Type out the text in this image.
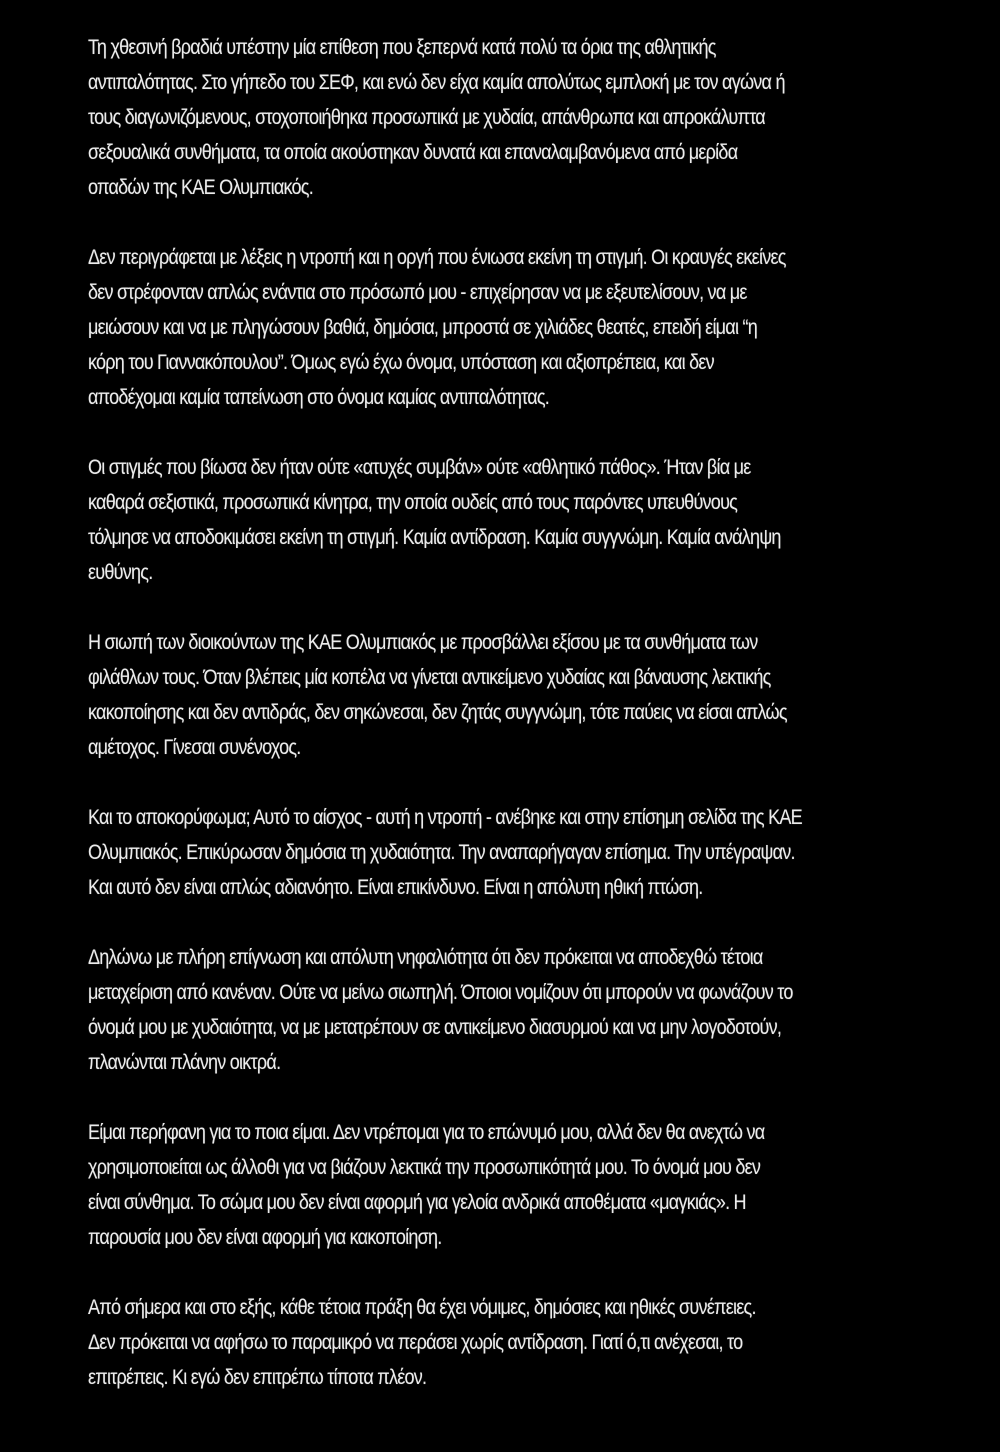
Τη χθεσινή βραδιά υπέστην μία επίθεση που ξεπερνά κατά πολύ τα όρια της αθλητικής
αντιπαλότητας. Στο γήπεδο του ΣΕΦ, και ενώ δεν είχα καμία απολύτως εμπλοκή με τον αγώνα ή
τους διαγωνιζόμενους, στοχοποιήθηκα προσωπικά με χυδαία, απάνθρωπα και απροκάλυπτα
σεξουαλικά συνθήματα, τα οποία ακούστηκαν δυνατά και επαναλαμβανόμενα από μερίδα
οπαδών της ΚΑΕ Ολυμπιακός.

Δεν περιγράφεται με λέξεις η ντροπή και η οργή που ένιωσα εκείνη τη στιγμή. Οι κραυγές εκείνες
δεν στρέφονταν απλώς ενάντια στο πρόσωπό μου - επιχείρησαν να με εξευτελίσουν, να με
μειώσουν και να με πληγώσουν βαθιά, δημόσια, μπροστά σε χιλιάδες θεατές, επειδή είμαι “η
κόρη του Γιαννακόπουλου”. Όμως εγώ έχω όνομα, υπόσταση και αξιοπρέπεια, και δεν
αποδέχομαι καμία ταπείνωση στο όνομα καμίας αντιπαλότητας.

Οι στιγμές που βίωσα δεν ήταν ούτε «ατυχές συμβάν» ούτε «αθλητικό πάθος». Ήταν βία με
καθαρά σεξιστικά, προσωπικά κίνητρα, την οποία ουδείς από τους παρόντες υπευθύνους
τόλμησε να αποδοκιμάσει εκείνη τη στιγμή. Καμία αντίδραση. Καμία συγγνώμη. Καμία ανάληψη
ευθύνης.

Η σιωπή των διοικούντων της ΚΑΕ Ολυμπιακός με προσβάλλει εξίσου με τα συνθήματα των
φιλάθλων τους. Όταν βλέπεις μία κοπέλα να γίνεται αντικείμενο χυδαίας και βάναυσης λεκτικής
κακοποίησης και δεν αντιδράς, δεν σηκώνεσαι, δεν ζητάς συγγνώμη, τότε παύεις να είσαι απλώς
αμέτοχος. Γίνεσαι συνένοχος.

Και το αποκορύφωμα; Αυτό το αίσχος - αυτή η ντροπή - ανέβηκε και στην επίσημη σελίδα της ΚΑΕ
Ολυμπιακός. Επικύρωσαν δημόσια τη χυδαιότητα. Την αναπαρήγαγαν επίσημα. Την υπέγραψαν.
Και αυτό δεν είναι απλώς αδιανόητο. Είναι επικίνδυνο. Είναι η απόλυτη ηθική πτώση.

Δηλώνω με πλήρη επίγνωση και απόλυτη νηφαλιότητα ότι δεν πρόκειται να αποδεχθώ τέτοια
μεταχείριση από κανέναν. Ούτε να μείνω σιωπηλή. Όποιοι νομίζουν ότι μπορούν να φωνάζουν το
όνομά μου με χυδαιότητα, να με μετατρέπουν σε αντικείμενο διασυρμού και να μην λογοδοτούν,
πλανώνται πλάνην οικτρά.

Είμαι περήφανη για το ποια είμαι. Δεν ντρέπομαι για το επώνυμό μου, αλλά δεν θα ανεχτώ να
χρησιμοποιείται ως άλλοθι για να βιάζουν λεκτικά την προσωπικότητά μου. Το όνομά μου δεν
είναι σύνθημα. Το σώμα μου δεν είναι αφορμή για γελοία ανδρικά αποθέματα «μαγκιάς». Η
παρουσία μου δεν είναι αφορμή για κακοποίηση.

Από σήμερα και στο εξής, κάθε τέτοια πράξη θα έχει νόμιμες, δημόσιες και ηθικές συνέπειες.
Δεν πρόκειται να αφήσω το παραμικρό να περάσει χωρίς αντίδραση. Γιατί ό,τι ανέχεσαι, το
επιτρέπεις. Κι εγώ δεν επιτρέπω τίποτα πλέον.
